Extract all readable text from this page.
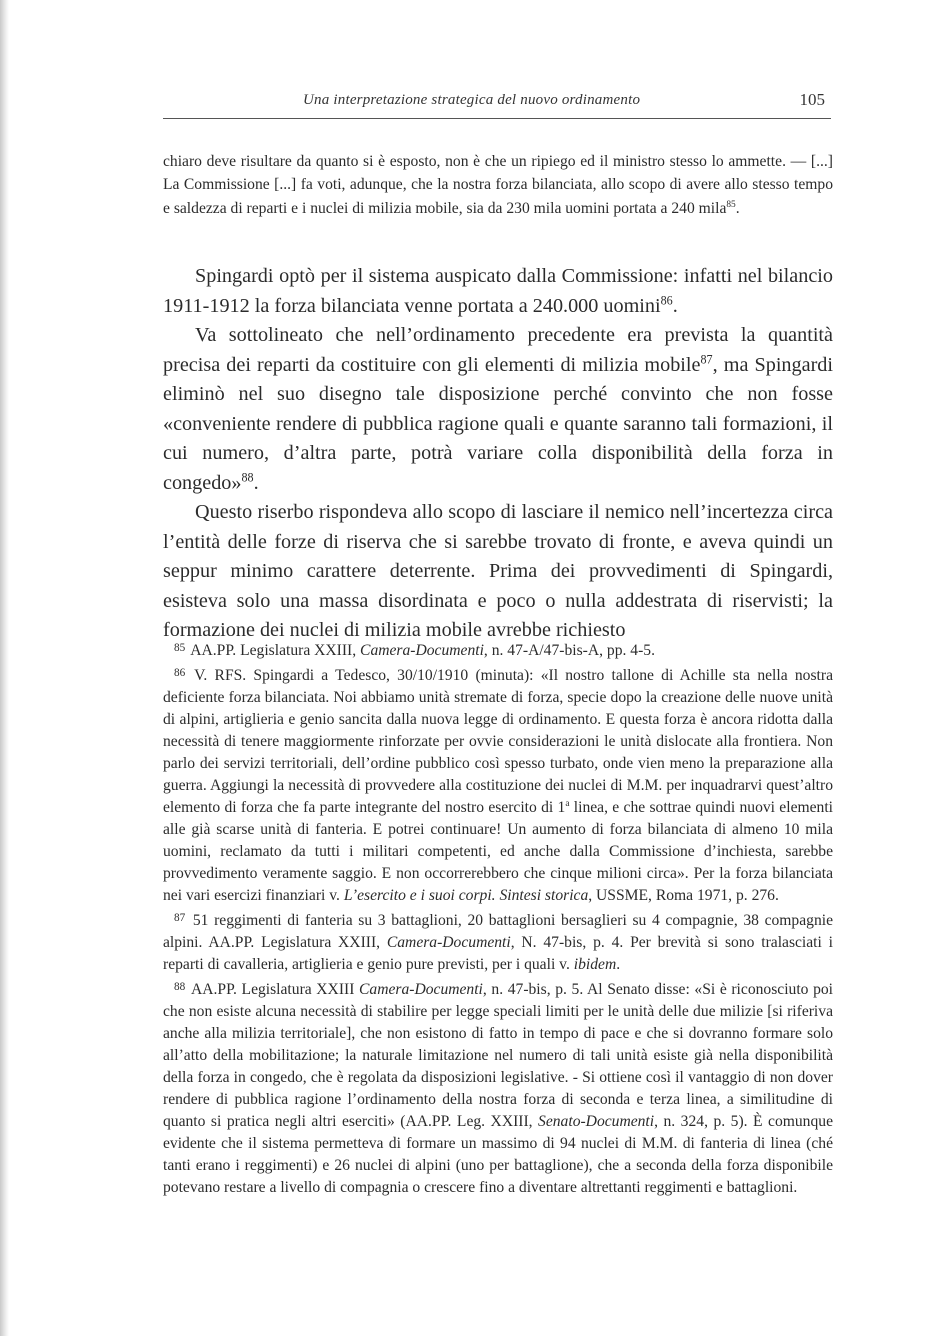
Una interpretazione strategica del nuovo ordinamento	105

chiaro deve risultare da quanto si è esposto, non è che un ripiego ed il ministro stesso lo ammette. — [...] La Commissione [...] fa voti, adunque, che la nostra forza bilanciata, allo scopo di avere allo stesso tempo e saldezza di reparti e i nuclei di milizia mobile, sia da 230 mila uomini portata a 240 mila$^{85}$.

Spingardi optò per il sistema auspicato dalla Commissione: infatti nel bilancio 1911-1912 la forza bilanciata venne portata a 240.000 uomini$^{86}$.

Va sottolineato che nell’ordinamento precedente era prevista la quantità precisa dei reparti da costituire con gli elementi di milizia mobile$^{87}$, ma Spingardi eliminò nel suo disegno tale disposizione perché convinto che non fosse «conveniente rendere di pubblica ragione quali e quante saranno tali formazioni, il cui numero, d’altra parte, potrà variare colla disponibilità della forza in congedo»$^{88}$.

Questo riserbo rispondeva allo scopo di lasciare il nemico nell’incertezza circa l’entità delle forze di riserva che si sarebbe trovato di fronte, e aveva quindi un seppur minimo carattere deterrente. Prima dei provvedimenti di Spingardi, esisteva solo una massa disordinata e poco o nulla addestrata di riservisti; la formazione dei nuclei di milizia mobile avrebbe richiesto

$^{85}$ AA.PP. Legislatura XXIII, Camera-Documenti, n. 47-A/47-bis-A, pp. 4-5.

$^{86}$ V. RFS. Spingardi a Tedesco, 30/10/1910 (minuta): «Il nostro tallone di Achille sta nella nostra deficiente forza bilanciata. Noi abbiamo unità stremate di forza, specie dopo la creazione delle nuove unità di alpini, artiglieria e genio sancita dalla nuova legge di ordinamento. E questa forza è ancora ridotta dalla necessità di tenere maggiormente rinforzate per ovvie considerazioni le unità dislocate alla frontiera. Non parlo dei servizi territoriali, dell’ordine pubblico così spesso turbato, onde vien meno la preparazione alla guerra. Aggiungi la necessità di provvedere alla costituzione dei nuclei di M.M. per inquadrarvi quest’altro elemento di forza che fa parte integrante del nostro esercito di 1$^a$ linea, e che sottrae quindi nuovi elementi alle già scarse unità di fanteria. E potrei continuare! Un aumento di forza bilanciata di almeno 10 mila uomini, reclamato da tutti i militari competenti, ed anche dalla Commissione d’inchiesta, sarebbe provvedimento veramente saggio. E non occorrerebbero che cinque milioni circa». Per la forza bilanciata nei vari esercizi finanziari v. L’esercito e i suoi corpi. Sintesi storica, USSME, Roma 1971, p. 276.

$^{87}$ 51 reggimenti di fanteria su 3 battaglioni, 20 battaglioni bersaglieri su 4 compagnie, 38 compagnie alpini. AA.PP. Legislatura XXIII, Camera-Documenti, N. 47-bis, p. 4. Per brevità si sono tralasciati i reparti di cavalleria, artiglieria e genio pure previsti, per i quali v. ibidem.

$^{88}$ AA.PP. Legislatura XXIII Camera-Documenti, n. 47-bis, p. 5. Al Senato disse: «Si è riconosciuto poi che non esiste alcuna necessità di stabilire per legge speciali limiti per le unità delle due milizie [si riferiva anche alla milizia territoriale], che non esistono di fatto in tempo di pace e che si dovranno formare solo all’atto della mobilitazione; la naturale limitazione nel numero di tali unità esiste già nella disponibilità della forza in congedo, che è regolata da disposizioni legislative. - Si ottiene così il vantaggio di non dover rendere di pubblica ragione l’ordinamento della nostra forza di seconda e terza linea, a similitudine di quanto si pratica negli altri eserciti» (AA.PP. Leg. XXIII, Senato-Documenti, n. 324, p. 5). È comunque evidente che il sistema permetteva di formare un massimo di 94 nuclei di M.M. di fanteria di linea (ché tanti erano i reggimenti) e 26 nuclei di alpini (uno per battaglione), che a seconda della forza disponibile potevano restare a livello di compagnia o crescere fino a diventare altrettanti reggimenti e battaglioni.
